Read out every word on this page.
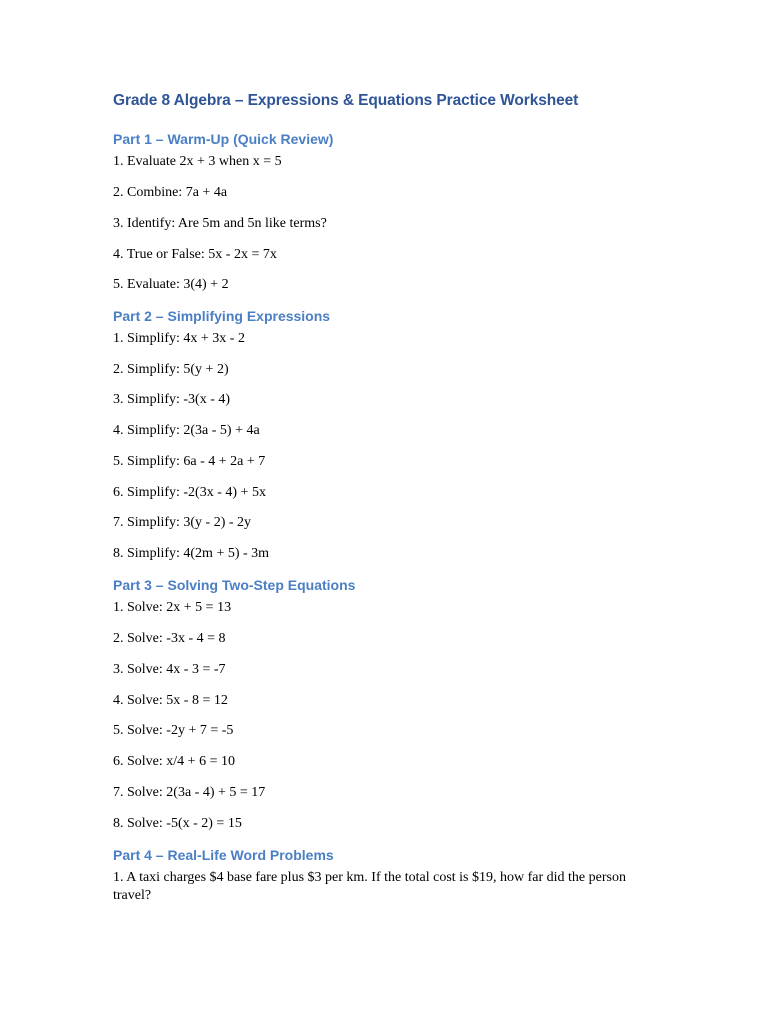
Grade 8 Algebra – Expressions & Equations Practice Worksheet
Part 1 – Warm-Up (Quick Review)

1. Evaluate 2x + 3 when x = 5

2. Combine: 7a + 4a

3. Identify: Are 5m and 5n like terms?

4. True or False: 5x - 2x = 7x

5. Evaluate: 3(4) + 2

Part 2 – Simplifying Expressions

1. Simplify: 4x + 3x - 2

2. Simplify: 5(y + 2)

3. Simplify: -3(x - 4)

4. Simplify: 2(3a - 5) + 4a

5. Simplify: 6a - 4 + 2a + 7

6. Simplify: -2(3x - 4) + 5x

7. Simplify: 3(y - 2) - 2y

8. Simplify: 4(2m + 5) - 3m

Part 3 – Solving Two-Step Equations

1. Solve: 2x + 5 = 13

2. Solve: -3x - 4 = 8

3. Solve: 4x - 3 = -7

4. Solve: 5x - 8 = 12

5. Solve: -2y + 7 = -5

6. Solve: x/4 + 6 = 10

7. Solve: 2(3a - 4) + 5 = 17

8. Solve: -5(x - 2) = 15

Part 4 – Real-Life Word Problems

1. A taxi charges $4 base fare plus $3 per km. If the total cost is $19, how far did the person travel?
